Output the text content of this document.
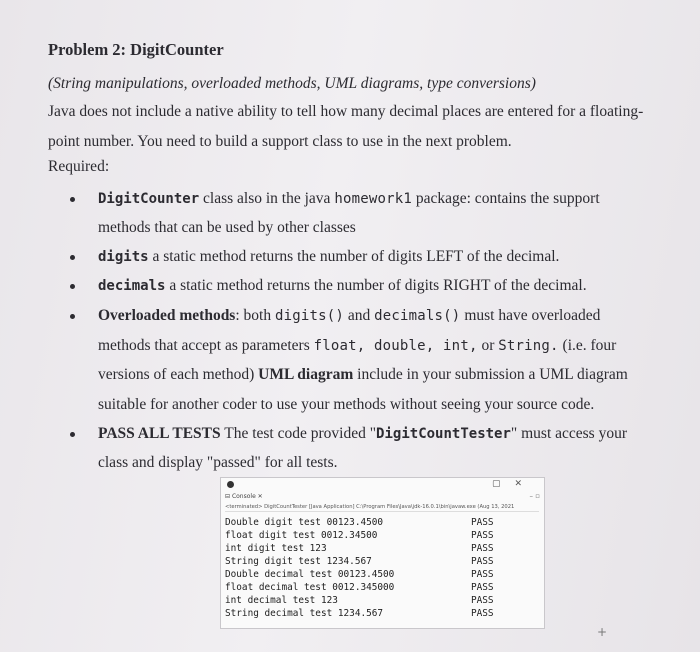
Problem 2: DigitCounter
(String manipulations, overloaded methods, UML diagrams, type conversions)
Java does not include a native ability to tell how many decimal places are entered for a floating-
point number. You need to build a support class to use in the next problem.
Required:
DigitCounter class also in the java homework1 package: contains the support
methods that can be used by other classes
digits a static method returns the number of digits LEFT of the decimal.
decimals a static method returns the number of digits RIGHT of the decimal.
Overloaded methods: both digits() and decimals() must have overloaded
methods that accept as parameters float, double, int, or String. (i.e. four
versions of each method) UML diagram include in your submission a UML diagram
suitable for another coder to use your methods without seeing your source code.
PASS ALL TESTS The test code provided "DigitCountTester" must access your
class and display "passed" for all tests.
▢ ✕
⊟ Console ✕	– ▫
<terminated> DigitCountTester [Java Application] C:\Program Files\Java\jdk-16.0.1\bin\javaw.exe (Aug 13, 2021
Double digit test 00123.4500	PASS
float digit test 0012.34500	PASS
int digit test 123	PASS
String digit test 1234.567	PASS
Double decimal test 00123.4500	PASS
float decimal test 0012.345000	PASS
int decimal test 123	PASS
String decimal test 1234.567	PASS
+
